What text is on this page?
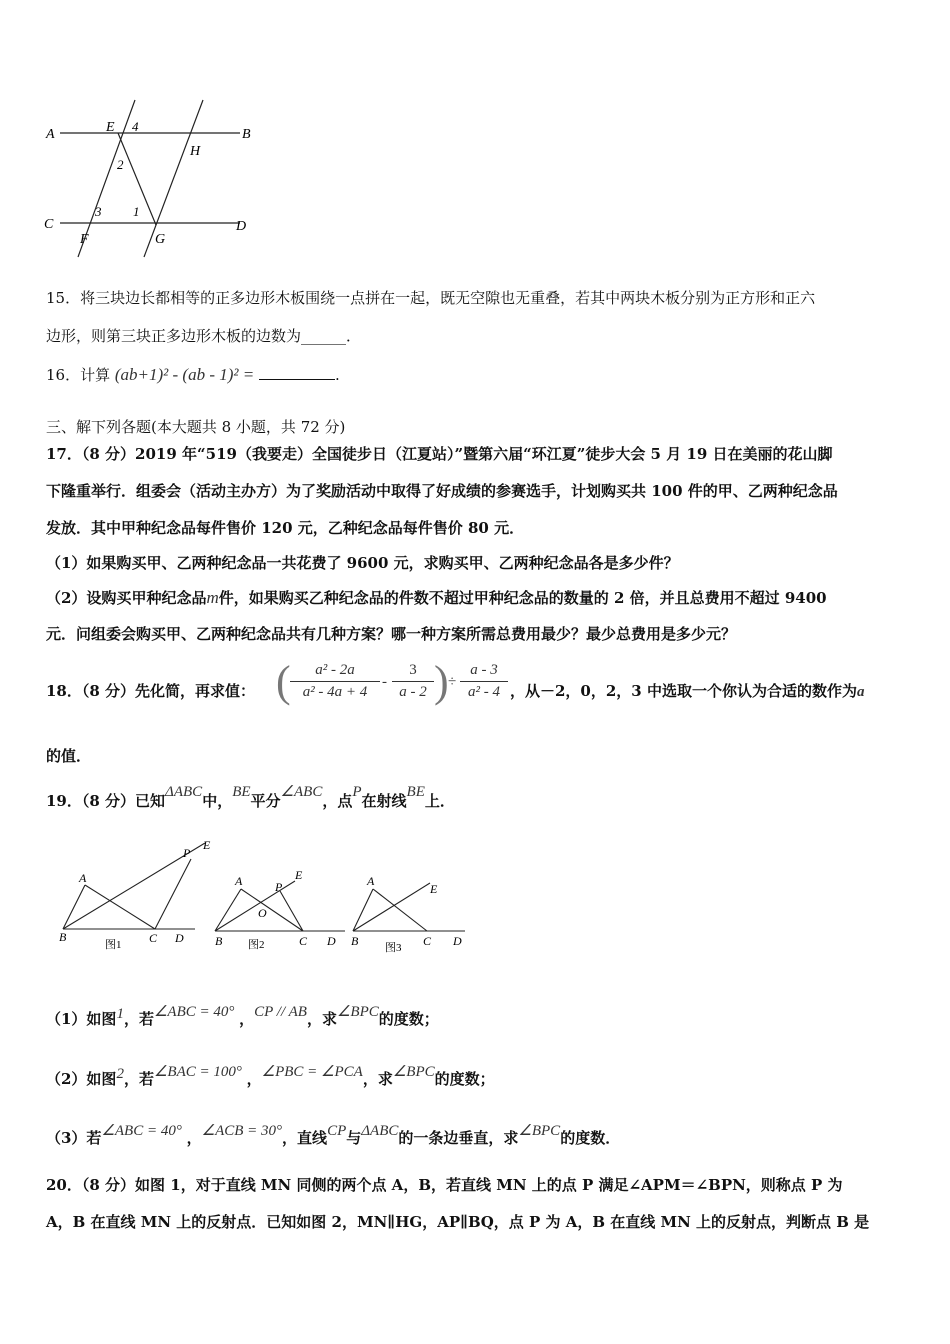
A	E 4
B
H
2
C
3 1
D
F	G
15．将三块边长都相等的正多边形木板围绕一点拼在一起，既无空隙也无重叠，若其中两块木板分别为正方形和正六
边形，则第三块正多边形木板的边数为______．
16．计算 (ab+1)² - (ab - 1)² =	.
三、解下列各题(本大题共 8 小题，共 72 分)
17．（8 分）2019 年“519（我要走）全国徒步日（江夏站）”暨第六届“环江夏”徒步大会 5 月 19 日在美丽的花山脚
下隆重举行．组委会（活动主办方）为了奖励活动中取得了好成绩的参赛选手，计划购买共 100 件的甲、乙两种纪念品
发放．其中甲种纪念品每件售价 120 元，乙种纪念品每件售价 80 元．
（1）如果购买甲、乙两种纪念品一共花费了 9600 元，求购买甲、乙两种纪念品各是多少件？
（2）设购买甲种纪念品m件，如果购买乙种纪念品的件数不超过甲种纪念品的数量的 2 倍，并且总费用不超过 9400
元．问组委会购买甲、乙两种纪念品共有几种方案？哪一种方案所需总费用最少？最少总费用是多少元？
18．（8 分）先化简，再求值： (	a² - 2a
a² - 4a + 4
-
3
a - 2 ) ÷
a - 3
a² - 4 ，从－2，0，2，3 中选取一个你认为合适的数作为a
的值．
19．（8 分）已知ΔABC中，BE平分∠ABC，点P在射线BE上．
A
B	C D
P
E
A
B	C D
P
E
O
A
B	C D
E
图1	图2	图3
（1）如图1，若∠ABC = 40° ，CP // AB，求∠BPC的度数；
（2）如图2，若∠BAC = 100° ，∠PBC = ∠PCA，求∠BPC的度数；
（3）若∠ABC = 40° ，∠ACB = 30°，直线CP与ΔABC的一条边垂直，求∠BPC的度数．
20．（8 分）如图 1，对于直线 MN 同侧的两个点 A，B，若直线 MN 上的点 P 满足∠APM＝∠BPN，则称点 P 为
A，B 在直线 MN 上的反射点．已知如图 2，MN∥HG，AP∥BQ，点 P 为 A，B 在直线 MN 上的反射点，判断点 B 是
